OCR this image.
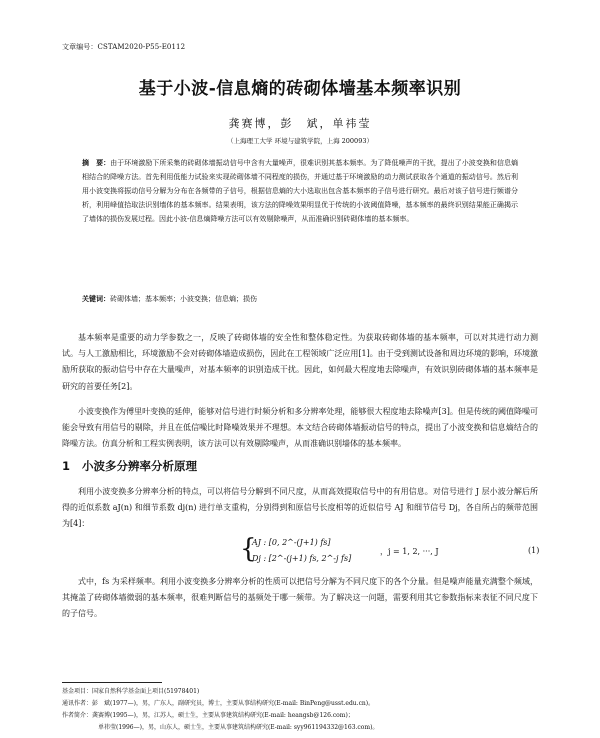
文章编号：CSTAM2020-P55-E0112
基于小波-信息熵的砖砌体墙基本频率识别
龚赛博，彭　斌，单祎莹
（上海理工大学 环境与建筑学院，上海 200093）
摘　要：由于环境激励下所采集的砖砌体墙振动信号中含有大量噪声，很难识别其基本频率。为了降低噪声的干扰，提出了小波变换和信息熵相结合的降噪方法。首先利用低能力试验来实现砖砌体墙不同程度的损伤，并通过基于环境激励的动力测试获取各个通道的振动信号。然后利用小波变换将振动信号分解为分布在各频带的子信号，根据信息熵的大小选取出包含基本频率的子信号进行研究。最后对该子信号进行频谱分析，利用峰值拾取法识别墙体的基本频率。结果表明，该方法的降噪效果明显优于传统的小波阈值降噪，基本频率的最终识别结果能正确揭示了墙体的损伤发展过程。因此小波-信息熵降噪方法可以有效剔除噪声，从而准确识别砖砌体墙的基本频率。
关键词：砖砌体墙；基本频率；小波变换；信息熵；损伤
基本频率是重要的动力学参数之一，反映了砖砌体墙的安全性和整体稳定性。为获取砖砌体墙的基本频率，可以对其进行动力测试。与人工激励相比，环境激励不会对砖砌体墙造成损伤，因此在工程领域广泛应用[1]。由于受到测试设备和周边环境的影响，环境激励所获取的振动信号中存在大量噪声，对基本频率的识别造成干扰。因此，如何最大程度地去除噪声，有效识别砖砌体墙的基本频率是研究的首要任务[2]。
小波变换作为傅里叶变换的延伸，能够对信号进行时频分析和多分辨率处理，能够很大程度地去除噪声[3]。但是传统的阈值降噪可能会导致有用信号的剔除，并且在低信噪比时降噪效果并不理想。本文结合砖砌体墙振动信号的特点，提出了小波变换和信息熵结合的降噪方法。仿真分析和工程实例表明，该方法可以有效剔除噪声，从而准确识别墙体的基本频率。
1 小波多分辨率分析原理
利用小波变换多分辨率分析的特点，可以将信号分解到不同尺度，从而高效提取信号中的有用信息。对信号进行 J 层小波分解后所得的近似系数 aJ(n) 和细节系数 dj(n) 进行单支重构，分别得到和原信号长度相等的近似信号 AJ 和细节信号 Dj，各自所占的频带范围为[4]：
{
AJ : [0, 2^-(J+1) fs]
Dj : [2^-(j+1) fs, 2^-j fs]
，j = 1, 2, ···, J	(1)
式中，fs 为采样频率。利用小波变换多分辨率分析的性质可以把信号分解为不同尺度下的各个分量。但是噪声能量充满整个频域，其掩盖了砖砌体墙微弱的基本频率，很难判断信号的基频处于哪一频带。为了解决这一问题，需要利用其它参数指标来表征不同尺度下的子信号。
基金项目：国家自然科学基金面上项目(51978401)
通讯作者：彭　斌(1977—)，男，广东人，副研究员，博士，主要从事结构研究(E-mail: BinPeng@usst.edu.cn)。
作者简介：龚赛博(1995—)，男，江苏人，硕士生，主要从事建筑结构研究(E-mail: heangsb@126.com)；
单祎莹(1996—)，男，山东人，硕士生，主要从事建筑结构研究(E-mail: syy961194332@163.com)。
